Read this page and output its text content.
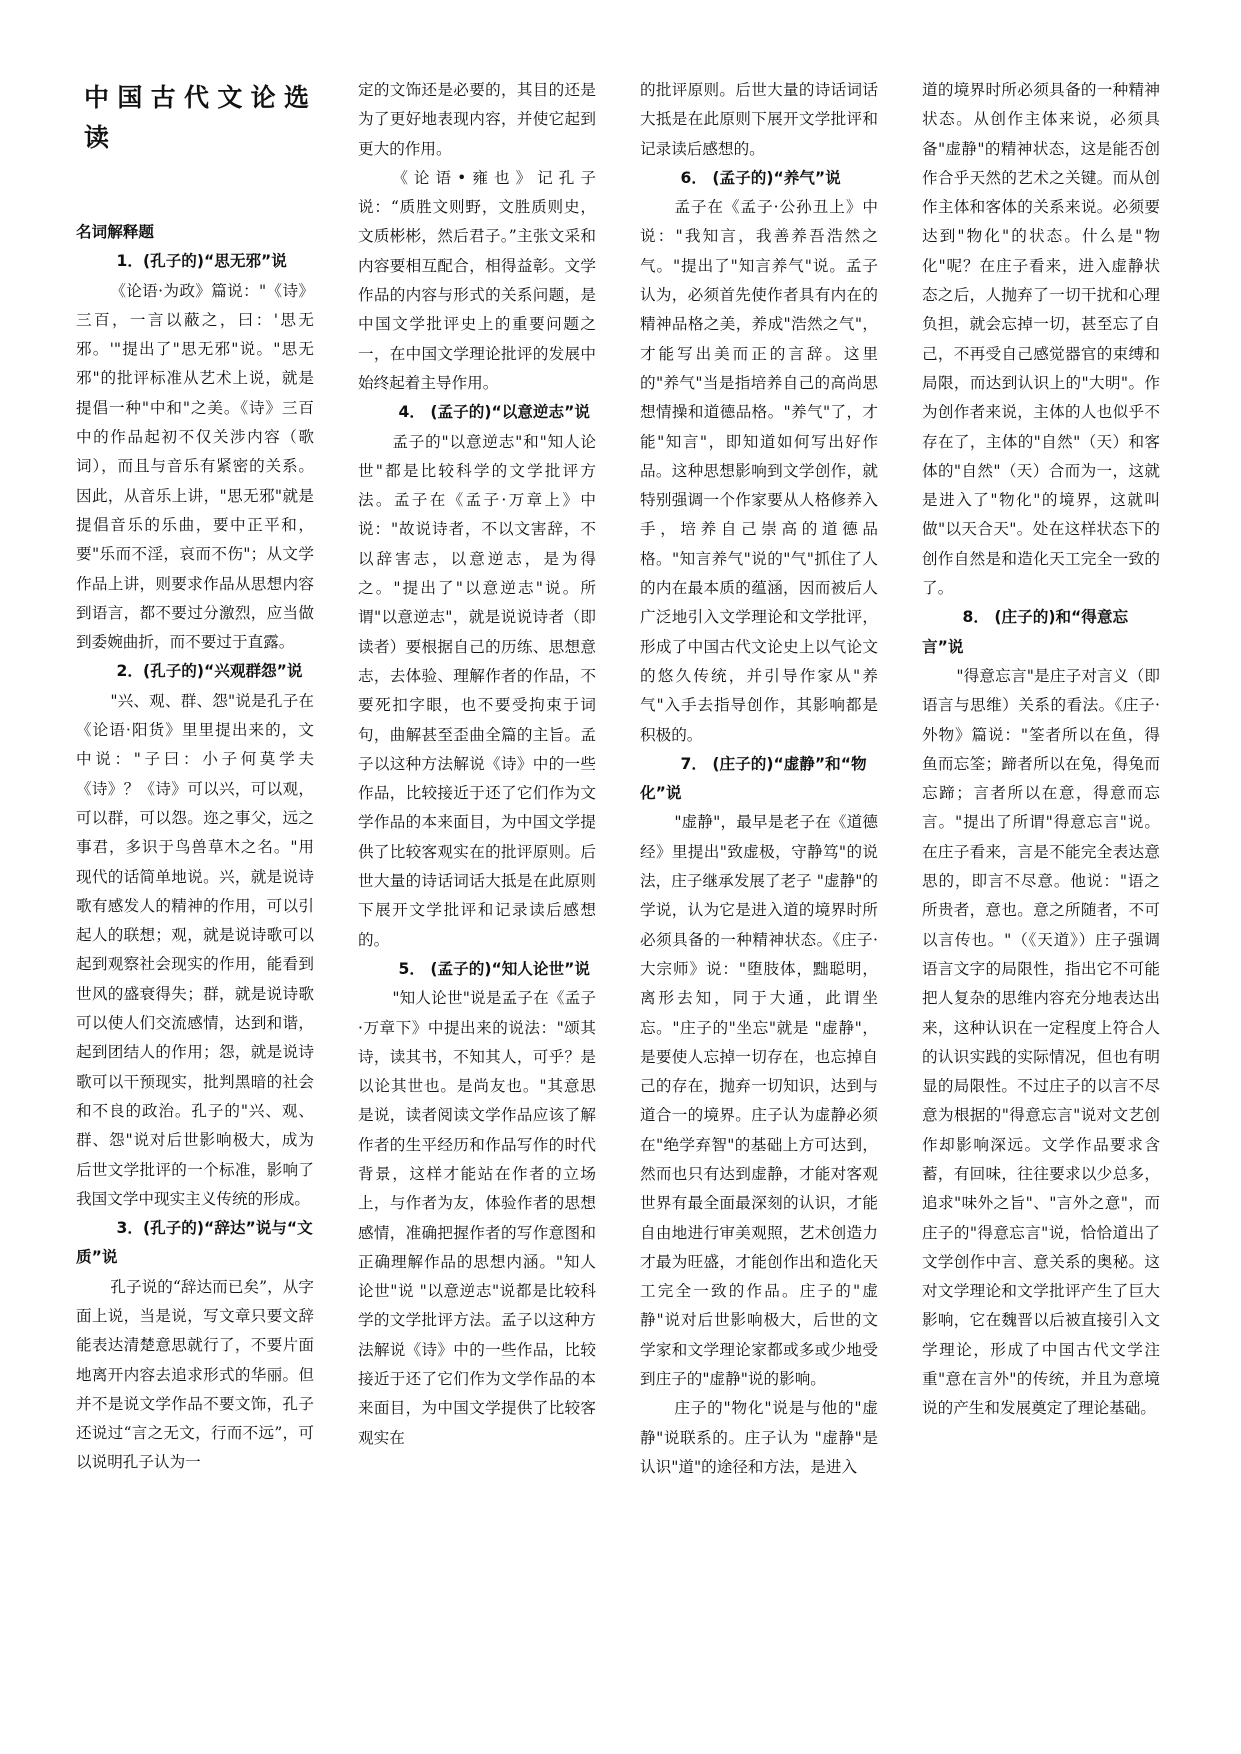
中国古代文论选读
名词解释题
1．(孔子的)“思无邪”说

《论语·为政》篇说："《诗》三百，一言以蔽之，曰：'思无邪。'"提出了"思无邪"说。"思无邪"的批评标准从艺术上说，就是提倡一种"中和"之美。《诗》三百中的作品起初不仅关涉内容（歌词），而且与音乐有紧密的关系。因此，从音乐上讲，"思无邪"就是提倡音乐的乐曲，要中正平和，要"乐而不淫，哀而不伤"；从文学作品上讲，则要求作品从思想内容到语言，都不要过分激烈，应当做到委婉曲折，而不要过于直露。

2．(孔子的)“兴观群怨”说

"兴、观、群、怨"说是孔子在《论语·阳货》里里提出来的，文中说："子曰：小子何莫学夫《诗》？《诗》可以兴，可以观，可以群，可以怨。迩之事父，远之事君，多识于鸟兽草木之名。"用现代的话简单地说。兴，就是说诗歌有感发人的精神的作用，可以引起人的联想；观，就是说诗歌可以起到观察社会现实的作用，能看到世风的盛衰得失；群，就是说诗歌可以使人们交流感情，达到和谐，起到团结人的作用；怨，就是说诗歌可以干预现实，批判黑暗的社会和不良的政治。孔子的"兴、观、群、怨"说对后世影响极大，成为后世文学批评的一个标准，影响了我国文学中现实主义传统的形成。

3．(孔子的)“辞达”说与“文质”说

孔子说的“辞达而已矣”，从字面上说，当是说，写文章只要文辞能表达清楚意思就行了，不要片面地离开内容去追求形式的华丽。但并不是说文学作品不要文饰，孔子还说过“言之无文，行而不远”，可以说明孔子认为一

定的文饰还是必要的，其目的还是为了更好地表现内容，并使它起到更大的作用。

《论语•雍也》记孔子说：“质胜文则野，文胜质则史，文质彬彬，然后君子。”主张文采和内容要相互配合，相得益彰。文学作品的内容与形式的关系问题，是中国文学批评史上的重要问题之一，在中国文学理论批评的发展中始终起着主导作用。

4． (孟子的)“以意逆志”说

孟子的"以意逆志"和"知人论世"都是比较科学的文学批评方法。孟子在《孟子·万章上》中说："故说诗者，不以文害辞，不以辞害志，以意逆志，是为得之。"提出了"以意逆志"说。所谓"以意逆志"，就是说说诗者（即读者）要根据自己的历练、思想意志，去体验、理解作者的作品，不要死扣字眼，也不要受拘束于词句，曲解甚至歪曲全篇的主旨。孟子以这种方法解说《诗》中的一些作品，比较接近于还了它们作为文学作品的本来面目，为中国文学提供了比较客观实在的批评原则。后世大量的诗话词话大抵是在此原则下展开文学批评和记录读后感想的。

5． (孟子的)“知人论世”说

"知人论世"说是孟子在《孟子·万章下》中提出来的说法："颂其诗，读其书，不知其人，可乎？是以论其世也。是尚友也。"其意思是说，读者阅读文学作品应该了解作者的生平经历和作品写作的时代背景，这样才能站在作者的立场上，与作者为友，体验作者的思想感情，准确把握作者的写作意图和正确理解作品的思想内涵。"知人论世"说 "以意逆志"说都是比较科学的文学批评方法。孟子以这种方法解说《诗》中的一些作品，比较接近于还了它们作为文学作品的本来面目，为中国文学提供了比较客观实在

的批评原则。后世大量的诗话词话大抵是在此原则下展开文学批评和记录读后感想的。

6． (孟子的)“养气”说

孟子在《孟子·公孙丑上》中说："我知言，我善养吾浩然之气。"提出了"知言养气"说。孟子认为，必须首先使作者具有内在的精神品格之美，养成"浩然之气"，才能写出美而正的言辞。这里的"养气"当是指培养自己的高尚思想情操和道德品格。"养气"了，才能"知言"，即知道如何写出好作品。这种思想影响到文学创作，就特别强调一个作家要从人格修养入手，培养自己崇高的道德品格。"知言养气"说的"气"抓住了人的内在最本质的蕴涵，因而被后人广泛地引入文学理论和文学批评，形成了中国古代文论史上以气论文的悠久传统，并引导作家从"养气"入手去指导创作，其影响都是积极的。

7． (庄子的)“虚静”和“物化”说

"虚静"，最早是老子在《道德经》里提出"致虚极，守静笃"的说法，庄子继承发展了老子 "虚静"的学说，认为它是进入道的境界时所必须具备的一种精神状态。《庄子·大宗师》说："堕肢体，黜聪明，离形去知，同于大通，此谓坐忘。"庄子的"坐忘"就是 "虚静"，是要使人忘掉一切存在，也忘掉自己的存在，抛弃一切知识，达到与道合一的境界。庄子认为虚静必须在"绝学弃智"的基础上方可达到，然而也只有达到虚静，才能对客观世界有最全面最深刻的认识，才能自由地进行审美观照，艺术创造力才最为旺盛，才能创作出和造化天工完全一致的作品。庄子的"虚静"说对后世影响极大，后世的文学家和文学理论家都或多或少地受到庄子的"虚静"说的影响。

庄子的"物化"说是与他的"虚静"说联系的。庄子认为 "虚静"是认识"道"的途径和方法，是进入

道的境界时所必须具备的一种精神状态。从创作主体来说，必须具备"虚静"的精神状态，这是能否创作合乎天然的艺术之关键。而从创作主体和客体的关系来说。必须要达到"物化"的状态。什么是"物化"呢？在庄子看来，进入虚静状态之后，人抛弃了一切干扰和心理负担，就会忘掉一切，甚至忘了自己，不再受自己感觉器官的束缚和局限，而达到认识上的"大明"。作为创作者来说，主体的人也似乎不存在了，主体的"自然"（天）和客体的"自然"（天）合而为一，这就是进入了"物化"的境界，这就叫做"以天合天"。处在这样状态下的创作自然是和造化天工完全一致的了。

8． (庄子的)和“得意忘言”说

"得意忘言"是庄子对言义（即语言与思维）关系的看法。《庄子·外物》篇说："筌者所以在鱼，得鱼而忘筌；蹄者所以在兔，得兔而忘蹄；言者所以在意，得意而忘言。"提出了所谓"得意忘言"说。在庄子看来，言是不能完全表达意思的，即言不尽意。他说："语之所贵者，意也。意之所随者，不可以言传也。"（《天道》）庄子强调语言文字的局限性，指出它不可能把人复杂的思维内容充分地表达出来，这种认识在一定程度上符合人的认识实践的实际情况，但也有明显的局限性。不过庄子的以言不尽意为根据的"得意忘言"说对文艺创作却影响深远。文学作品要求含蓄，有回味，往往要求以少总多，追求"味外之旨"、"言外之意"，而庄子的"得意忘言"说，恰恰道出了文学创作中言、意关系的奥秘。这对文学理论和文学批评产生了巨大影响，它在魏晋以后被直接引入文学理论，形成了中国古代文学注重"意在言外"的传统，并且为意境说的产生和发展奠定了理论基础。
